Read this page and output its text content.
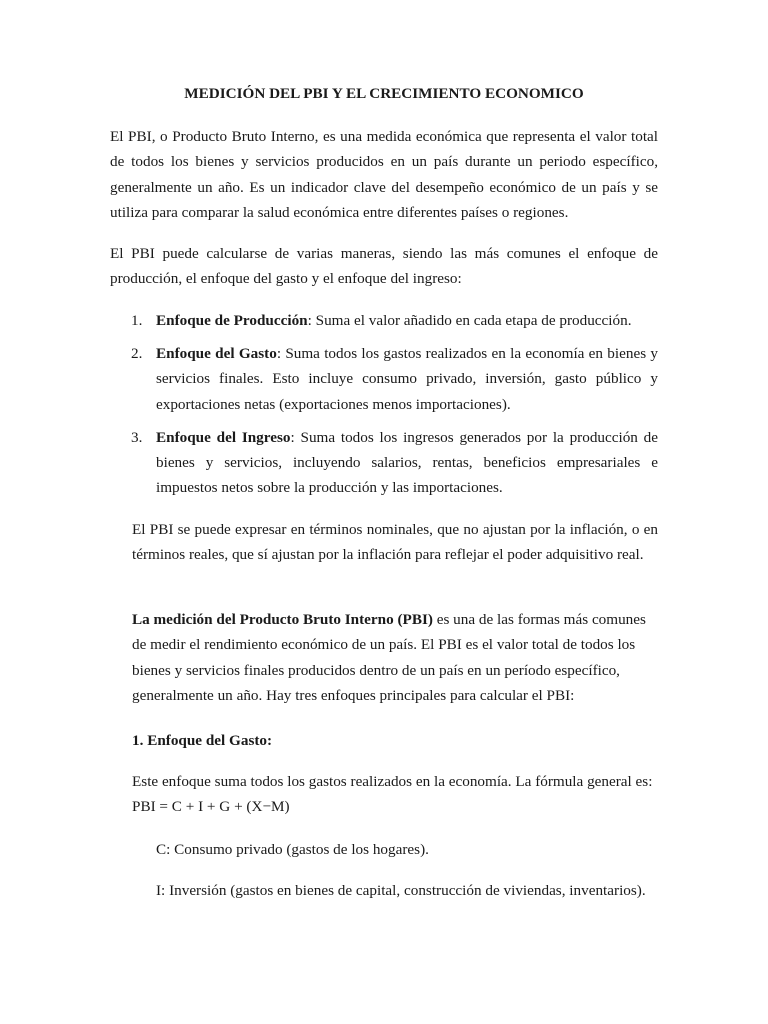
MEDICIÓN DEL PBI Y EL CRECIMIENTO ECONOMICO

El PBI, o Producto Bruto Interno, es una medida económica que representa el valor total de todos los bienes y servicios producidos en un país durante un periodo específico, generalmente un año. Es un indicador clave del desempeño económico de un país y se utiliza para comparar la salud económica entre diferentes países o regiones.

El PBI puede calcularse de varias maneras, siendo las más comunes el enfoque de producción, el enfoque del gasto y el enfoque del ingreso:

1. Enfoque de Producción: Suma el valor añadido en cada etapa de producción.
2. Enfoque del Gasto: Suma todos los gastos realizados en la economía en bienes y servicios finales. Esto incluye consumo privado, inversión, gasto público y exportaciones netas (exportaciones menos importaciones).
3. Enfoque del Ingreso: Suma todos los ingresos generados por la producción de bienes y servicios, incluyendo salarios, rentas, beneficios empresariales e impuestos netos sobre la producción y las importaciones.

El PBI se puede expresar en términos nominales, que no ajustan por la inflación, o en términos reales, que sí ajustan por la inflación para reflejar el poder adquisitivo real.

La medición del Producto Bruto Interno (PBI) es una de las formas más comunes de medir el rendimiento económico de un país. El PBI es el valor total de todos los bienes y servicios finales producidos dentro de un país en un período específico, generalmente un año. Hay tres enfoques principales para calcular el PBI:

1. Enfoque del Gasto:

Este enfoque suma todos los gastos realizados en la economía. La fórmula general es: PBI = C + I + G + (X−M)

C: Consumo privado (gastos de los hogares).

I: Inversión (gastos en bienes de capital, construcción de viviendas, inventarios).
